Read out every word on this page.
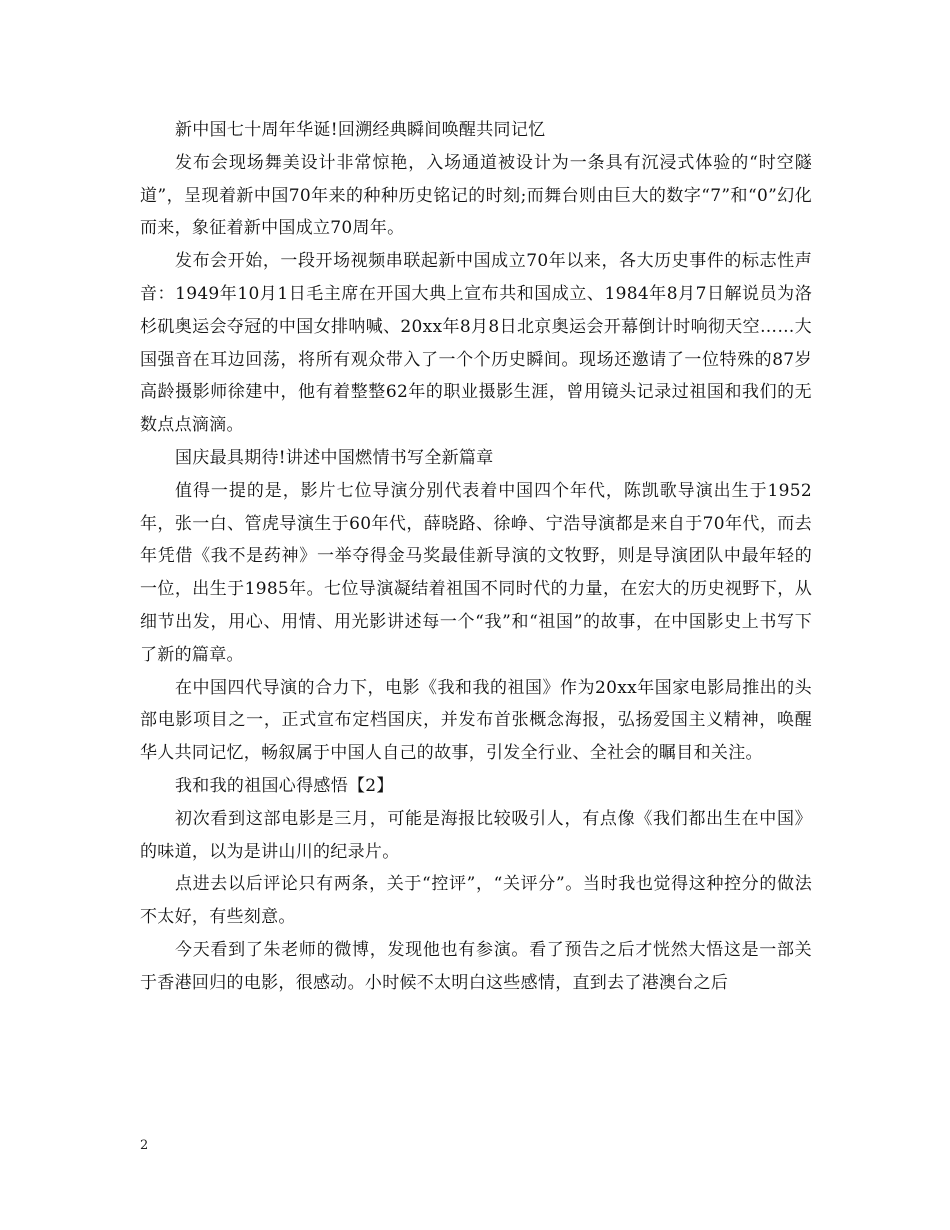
新中国七十周年华诞!回溯经典瞬间唤醒共同记忆

发布会现场舞美设计非常惊艳，入场通道被设计为一条具有沉浸式体验的“时空隧道”，呈现着新中国70年来的种种历史铭记的时刻;而舞台则由巨大的数字“7”和“0”幻化而来，象征着新中国成立70周年。

发布会开始，一段开场视频串联起新中国成立70年以来，各大历史事件的标志性声音：1949年10月1日毛主席在开国大典上宣布共和国成立、1984年8月7日解说员为洛杉矶奥运会夺冠的中国女排呐喊、20xx年8月8日北京奥运会开幕倒计时响彻天空……大国强音在耳边回荡，将所有观众带入了一个个历史瞬间。现场还邀请了一位特殊的87岁高龄摄影师徐建中，他有着整整62年的职业摄影生涯，曾用镜头记录过祖国和我们的无数点点滴滴。

国庆最具期待!讲述中国燃情书写全新篇章

值得一提的是，影片七位导演分别代表着中国四个年代，陈凯歌导演出生于1952年，张一白、管虎导演生于60年代，薛晓路、徐峥、宁浩导演都是来自于70年代，而去年凭借《我不是药神》一举夺得金马奖最佳新导演的文牧野，则是导演团队中最年轻的一位，出生于1985年。七位导演凝结着祖国不同时代的力量，在宏大的历史视野下，从细节出发，用心、用情、用光影讲述每一个“我”和“祖国”的故事，在中国影史上书写下了新的篇章。

在中国四代导演的合力下，电影《我和我的祖国》作为20xx年国家电影局推出的头部电影项目之一，正式宣布定档国庆，并发布首张概念海报，弘扬爱国主义精神，唤醒华人共同记忆，畅叙属于中国人自己的故事，引发全行业、全社会的瞩目和关注。

我和我的祖国心得感悟【2】

初次看到这部电影是三月，可能是海报比较吸引人，有点像《我们都出生在中国》的味道，以为是讲山川的纪录片。

点进去以后评论只有两条，关于“控评”，“关评分”。当时我也觉得这种控分的做法不太好，有些刻意。

今天看到了朱老师的微博，发现他也有参演。看了预告之后才恍然大悟这是一部关于香港回归的电影，很感动。小时候不太明白这些感情，直到去了港澳台之后

2
